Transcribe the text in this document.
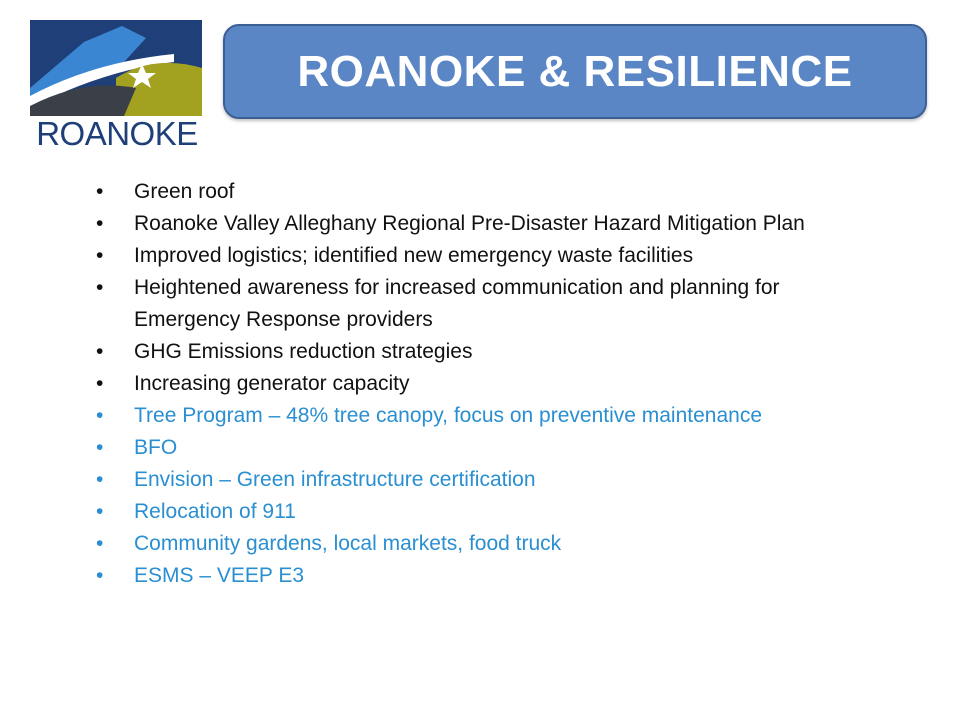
ROANOKE
ROANOKE & RESILIENCE
•	Green roof
•	Roanoke Valley Alleghany Regional Pre-Disaster Hazard Mitigation Plan
•	Improved logistics; identified new emergency waste facilities
•	Heightened awareness for increased communication and planning for Emergency Response providers
•	GHG Emissions reduction strategies
•	Increasing generator capacity
•	Tree Program – 48% tree canopy, focus on preventive maintenance
•	BFO
•	Envision – Green infrastructure certification
•	Relocation of 911
•	Community gardens, local markets, food truck
•	ESMS – VEEP E3
